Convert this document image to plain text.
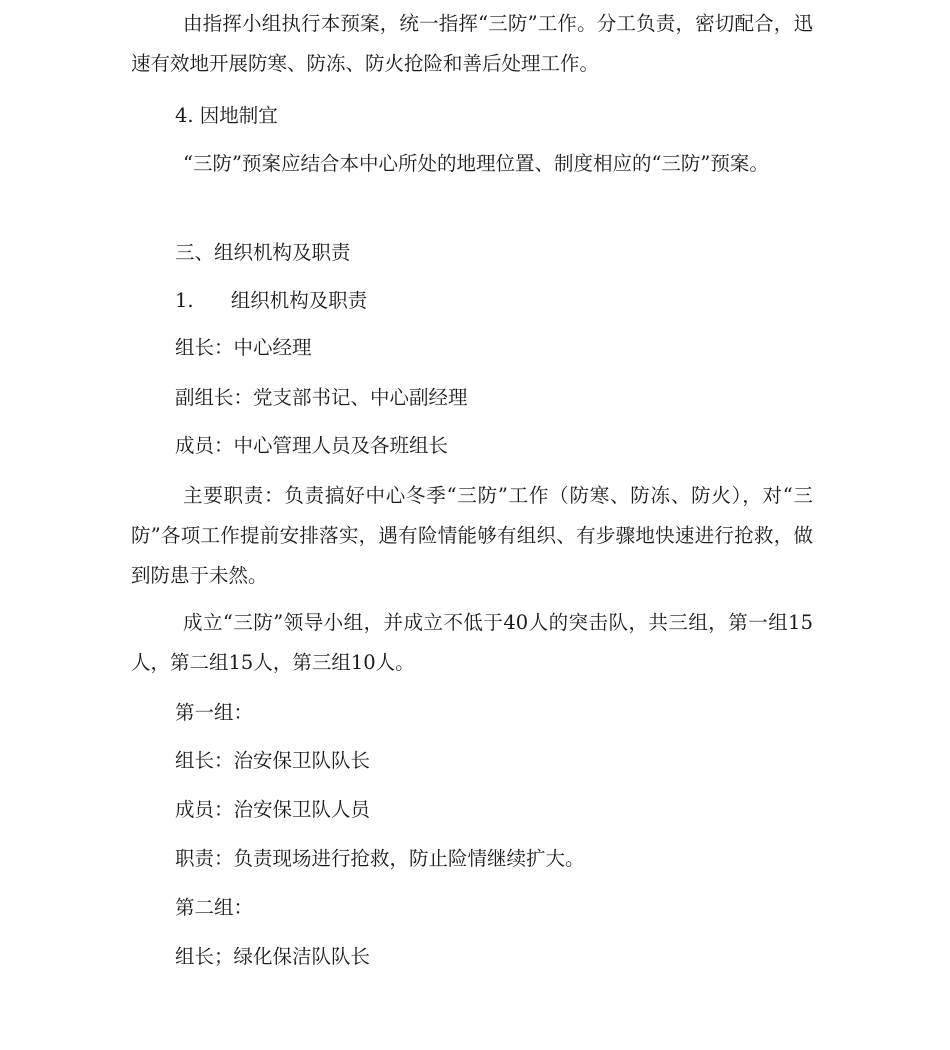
由指挥小组执行本预案，统一指挥“三防”工作。分工负责，密切配合，迅速有效地开展防寒、防冻、防火抢险和善后处理工作。

4. 因地制宜

“三防”预案应结合本中心所处的地理位置、制度相应的“三防”预案。

三、组织机构及职责

1.      组织机构及职责

组长：中心经理

副组长：党支部书记、中心副经理

成员：中心管理人员及各班组长

主要职责：负责搞好中心冬季“三防”工作（防寒、防冻、防火），对“三防”各项工作提前安排落实，遇有险情能够有组织、有步骤地快速进行抢救，做到防患于未然。

成立“三防”领导小组，并成立不低于40人的突击队，共三组，第一组15人，第二组15人，第三组10人。

第一组：

组长：治安保卫队队长

成员：治安保卫队人员

职责：负责现场进行抢救，防止险情继续扩大。

第二组：

组长；绿化保洁队队长
